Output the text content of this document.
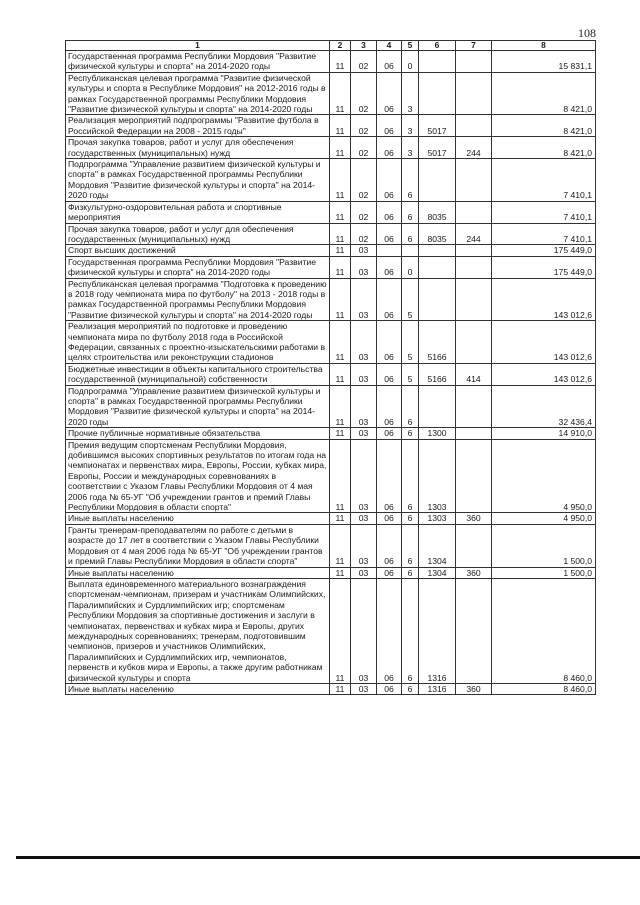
108
1	2	3	4	5	6	7	8
Государственная программа Республики Мордовия "Развитие физической культуры и спорта" на 2014-2020 годы	11	02	06	0			15 831,1
Республиканская целевая программа "Развитие физической культуры и спорта в Республике Мордовия" на 2012-2016 годы в рамках Государственной программы Республики Мордовия "Развитие физической культуры и спорта" на 2014-2020 годы	11	02	06	3			8 421,0
Реализация мероприятий подпрограммы "Развитие футбола в Российской Федерации на 2008 - 2015 годы"	11	02	06	3	5017		8 421,0
Прочая закупка товаров, работ и услуг для обеспечения государственных (муниципальных) нужд	11	02	06	3	5017	244	8 421,0
Подпрограмма "Управление развитием физической культуры и спорта" в рамках Государственной программы Республики Мордовия "Развитие физической культуры и спорта" на 2014-2020 годы	11	02	06	6			7 410,1
Физкультурно-оздоровительная работа и спортивные мероприятия	11	02	06	6	8035		7 410,1
Прочая закупка товаров, работ и услуг для обеспечения государственных (муниципальных) нужд	11	02	06	6	8035	244	7 410,1
Спорт высших достижений	11	03					175 449,0
Государственная программа Республики Мордовия "Развитие физической культуры и спорта" на 2014-2020 годы	11	03	06	0			175 449,0
Республиканская целевая программа "Подготовка к проведению в 2018 году чемпионата мира по футболу" на 2013 - 2018 годы в рамках Государственной программы Республики Мордовия "Развитие физической культуры и спорта" на 2014-2020 годы	11	03	06	5			143 012,6
Реализация мероприятий по подготовке и проведению чемпионата мира по футболу 2018 года в Российской Федерации, связанных с проектно-изыскательскими работами в целях строительства или реконструкции стадионов	11	03	06	5	5166		143 012,6
Бюджетные инвестиции в объекты капитального строительства государственной (муниципальной) собственности	11	03	06	5	5166	414	143 012,6
Подпрограмма "Управление развитием физической культуры и спорта" в рамках Государственной программы Республики Мордовия "Развитие физической культуры и спорта" на 2014-2020 годы	11	03	06	6			32 436,4
Прочие публичные нормативные обязательства	11	03	06	6	1300		14 910,0
Премия ведущим спортсменам Республики Мордовия, добившимся высоких спортивных результатов по итогам года на чемпионатах и первенствах мира, Европы, России, кубках мира, Европы, России и международных соревнованиях в соответствии с Указом Главы Республики Мордовия от 4 мая 2006 года № 65-УГ "Об учреждении грантов и премий Главы Республики Мордовия в области спорта"	11	03	06	6	1303		4 950,0
Иные выплаты населению	11	03	06	6	1303	360	4 950,0
Гранты тренерам-преподавателям по работе с детьми в возрасте до 17 лет в соответствии с Указом Главы Республики Мордовия от 4 мая 2006 года № 65-УГ "Об учреждении грантов и премий Главы Республики Мордовия в области спорта"	11	03	06	6	1304		1 500,0
Иные выплаты населению	11	03	06	6	1304	360	1 500,0
Выплата единовременного материального вознаграждения спортсменам-чемпионам, призерам и участникам Олимпийских, Паралимпийских и Сурдлимпийских игр; спортсменам Республики Мордовия за спортивные достижения и заслуги в чемпионатах, первенствах и кубках мира и Европы, других международных соревнованиях; тренерам, подготовившим чемпионов, призеров и участников Олимпийских, Паралимпийских и Сурдлимпийских игр, чемпионатов, первенств и кубков мира и Европы, а также другим работникам физической культуры и спорта	11	03	06	6	1316		8 460,0
Иные выплаты населению	11	03	06	6	1316	360	8 460,0
